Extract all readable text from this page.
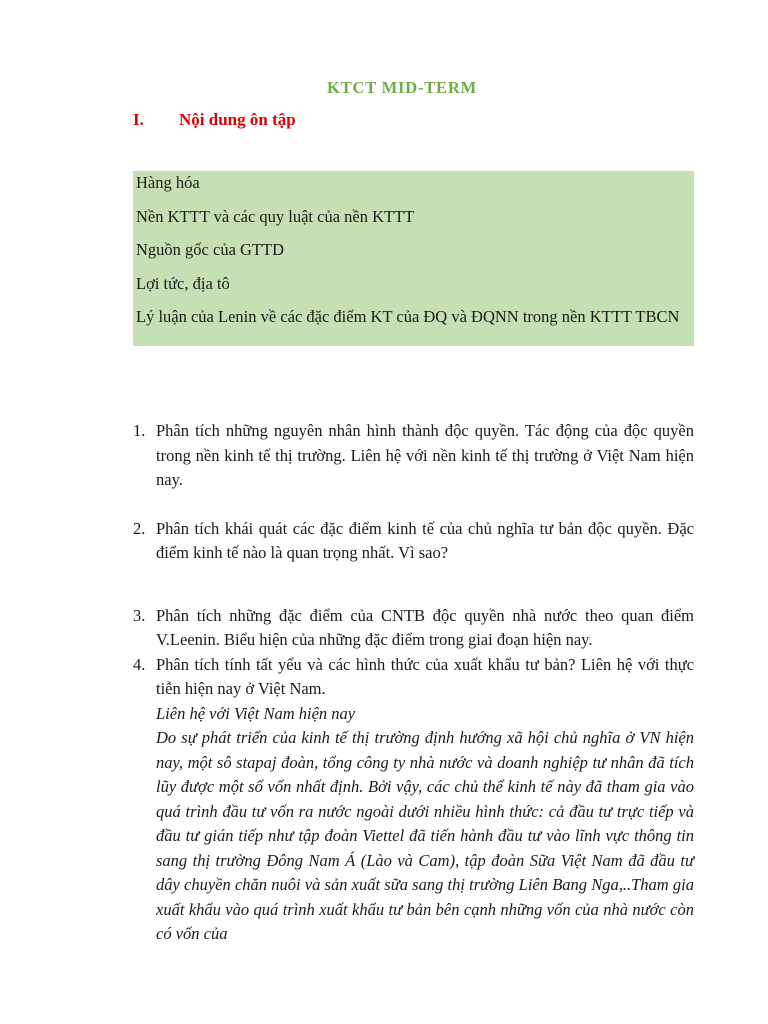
KTCT MID-TERM
I. Nội dung ôn tập
Hàng hóa
Nền KTTT và các quy luật của nền KTTT
Nguồn gốc của GTTD
Lợi tức, địa tô
Lý luận của Lenin về các đặc điểm KT của ĐQ và ĐQNN trong nền KTTT TBCN
1. Phân tích những nguyên nhân hình thành độc quyền. Tác động của độc quyền trong nền kinh tế thị trường. Liên hệ với nền kinh tế thị trường ở Việt Nam hiện nay.
2. Phân tích khái quát các đặc điểm kinh tế của chủ nghĩa tư bản độc quyền. Đặc điểm kinh tế nào là quan trọng nhất. Vì sao?
3. Phân tích những đặc điểm của CNTB độc quyền nhà nước theo quan điểm V.Leenin. Biểu hiện của những đặc điểm trong giai đoạn hiện nay.
4. Phân tích tính tất yếu và các hình thức của xuất khẩu tư bản? Liên hệ với thực tiễn hiện nay ở Việt Nam.
Liên hệ với Việt Nam hiện nay
Do sự phát triển của kinh tế thị trường định hướng xã hội chủ nghĩa ở VN hiện nay, một sô stapaj đoàn, tổng công ty nhà nước và doanh nghiệp tư nhân đã tích lũy được một số vốn nhất định. Bởi vậy, các chủ thể kinh tế này đã tham gia vào quá trình đầu tư vốn ra nước ngoài dưới nhiều hình thức: cả đầu tư trực tiếp và đầu tư gián tiếp như tập đoàn Viettel đã tiến hành đầu tư vào lĩnh vực thông tin sang thị trường Đông Nam Á (Lào và Cam), tập đoàn Sữa Việt Nam đã đầu tư dây chuyền chăn nuôi và sản xuất sữa sang thị trường Liên Bang Nga,..Tham gia xuất khẩu vào quá trình xuất khẩu tư bản bên cạnh những vốn của nhà nước còn có vốn của
